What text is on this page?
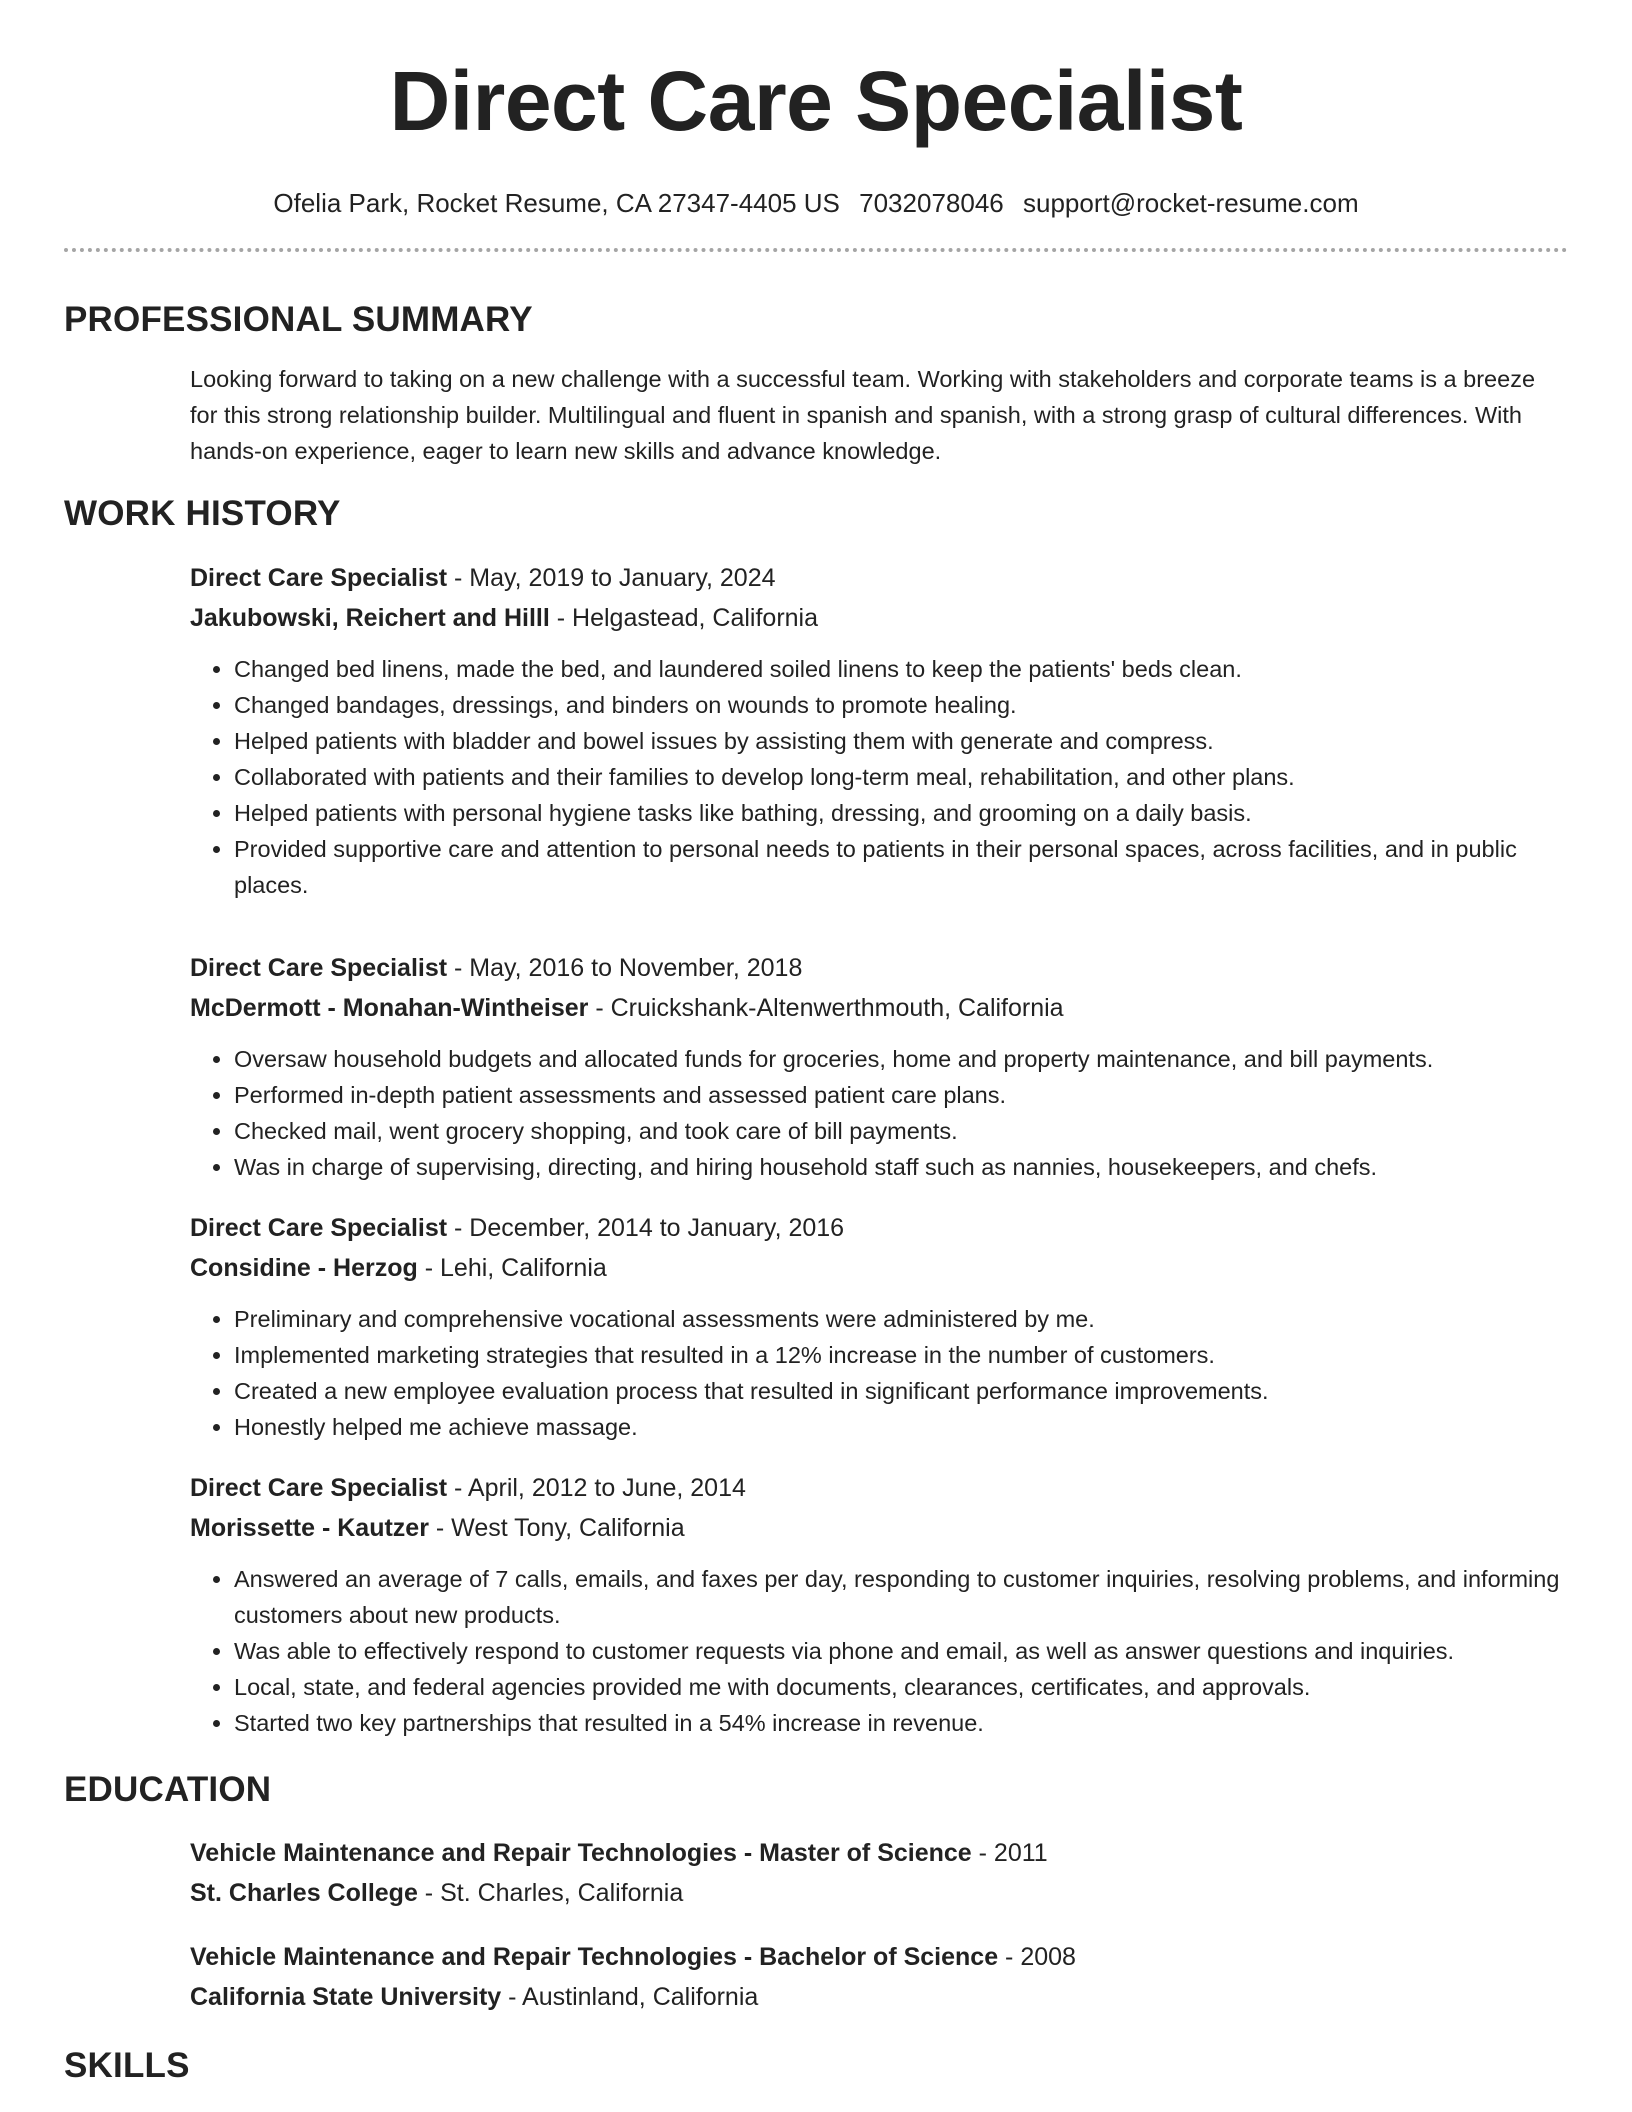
Direct Care Specialist
Ofelia Park, Rocket Resume, CA 27347-4405 US 7032078046 support@rocket-resume.com
PROFESSIONAL SUMMARY

Looking forward to taking on a new challenge with a successful team. Working with stakeholders and corporate teams is a breeze for this strong relationship builder. Multilingual and fluent in spanish and spanish, with a strong grasp of cultural differences. With hands-on experience, eager to learn new skills and advance knowledge.

WORK HISTORY
Direct Care Specialist - May, 2019 to January, 2024
Jakubowski, Reichert and Hilll - Helgastead, California
• Changed bed linens, made the bed, and laundered soiled linens to keep the patients' beds clean.
• Changed bandages, dressings, and binders on wounds to promote healing.
• Helped patients with bladder and bowel issues by assisting them with generate and compress.
• Collaborated with patients and their families to develop long-term meal, rehabilitation, and other plans.
• Helped patients with personal hygiene tasks like bathing, dressing, and grooming on a daily basis.
• Provided supportive care and attention to personal needs to patients in their personal spaces, across facilities, and in public places.
Direct Care Specialist - May, 2016 to November, 2018
McDermott - Monahan-Wintheiser - Cruickshank-Altenwerthmouth, California
• Oversaw household budgets and allocated funds for groceries, home and property maintenance, and bill payments.
• Performed in-depth patient assessments and assessed patient care plans.
• Checked mail, went grocery shopping, and took care of bill payments.
• Was in charge of supervising, directing, and hiring household staff such as nannies, housekeepers, and chefs.
Direct Care Specialist - December, 2014 to January, 2016
Considine - Herzog - Lehi, California
• Preliminary and comprehensive vocational assessments were administered by me.
• Implemented marketing strategies that resulted in a 12% increase in the number of customers.
• Created a new employee evaluation process that resulted in significant performance improvements.
• Honestly helped me achieve massage.
Direct Care Specialist - April, 2012 to June, 2014
Morissette - Kautzer - West Tony, California
• Answered an average of 7 calls, emails, and faxes per day, responding to customer inquiries, resolving problems, and informing customers about new products.
• Was able to effectively respond to customer requests via phone and email, as well as answer questions and inquiries.
• Local, state, and federal agencies provided me with documents, clearances, certificates, and approvals.
• Started two key partnerships that resulted in a 54% increase in revenue.
EDUCATION
Vehicle Maintenance and Repair Technologies - Master of Science - 2011
St. Charles College - St. Charles, California
Vehicle Maintenance and Repair Technologies - Bachelor of Science - 2008
California State University - Austinland, California
SKILLS
